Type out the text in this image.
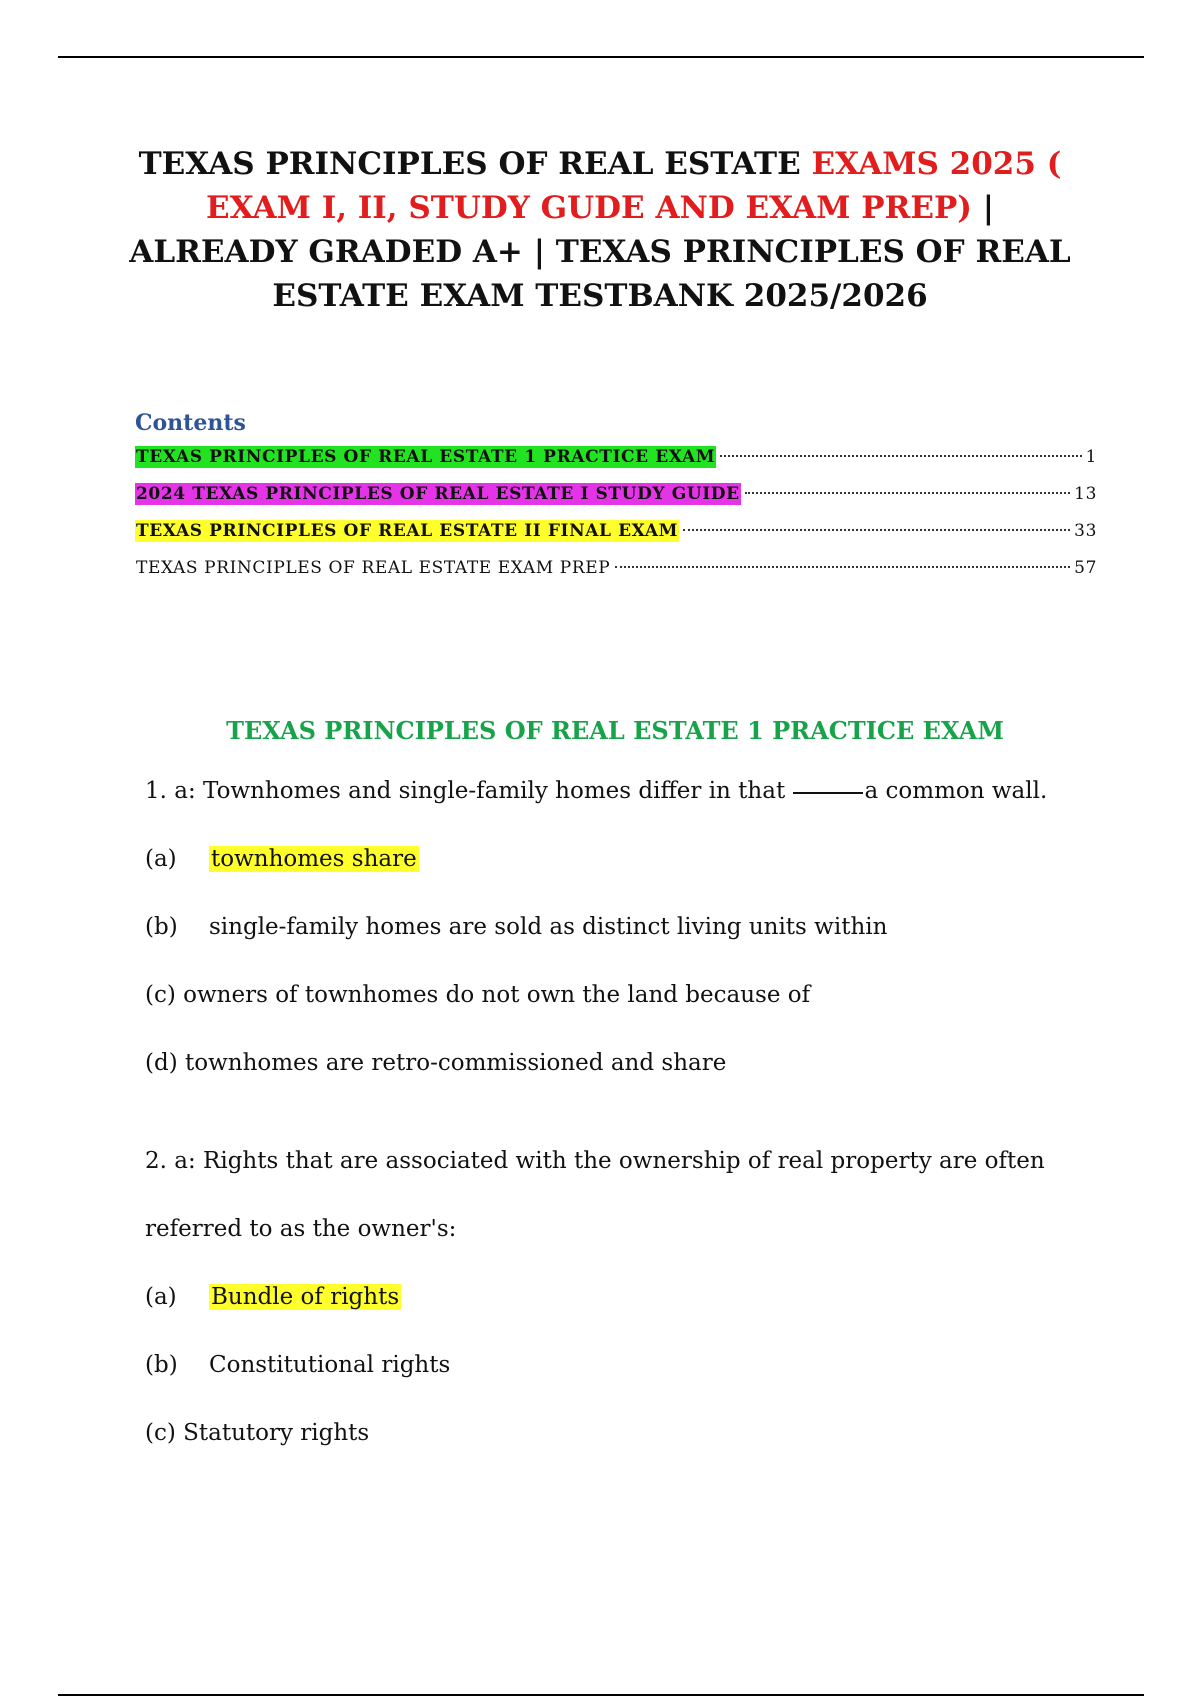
TEXAS PRINCIPLES OF REAL ESTATE EXAMS 2025 ( EXAM I, II, STUDY GUDE AND EXAM PREP) | ALREADY GRADED A+ | TEXAS PRINCIPLES OF REAL ESTATE EXAM TESTBANK 2025/2026
Contents
TEXAS PRINCIPLES OF REAL ESTATE 1 PRACTICE EXAM	1
2024 TEXAS PRINCIPLES OF REAL ESTATE I STUDY GUIDE	13
TEXAS PRINCIPLES OF REAL ESTATE II FINAL EXAM	33
TEXAS PRINCIPLES OF REAL ESTATE EXAM PREP	57
TEXAS PRINCIPLES OF REAL ESTATE 1 PRACTICE EXAM
1. a: Townhomes and single-family homes differ in that	a common wall.
(a) townhomes share
(b) single-family homes are sold as distinct living units within
(c) owners of townhomes do not own the land because of
(d) townhomes are retro-commissioned and share
2. a: Rights that are associated with the ownership of real property are often
referred to as the owner's:
(a) Bundle of rights
(b) Constitutional rights
(c) Statutory rights
